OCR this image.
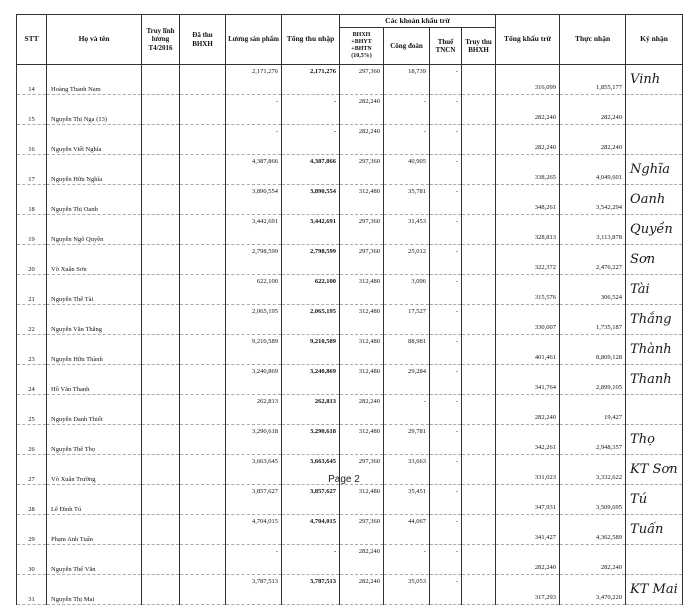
STT	Họ và tên	Truy lĩnh lương T4/2016	Đã thu BHXH	Lương sản phẩm	Tổng thu nhập	Các khoản khấu trừ				Tổng khấu trừ	Thực nhận	Ký nhận
						BHXH +BHYT +BHTN (10,5%)	Công đoàn	Thuế TNCN	Truy thu BHXH			
14	Hoàng Thanh Nam			2,171,276	2,171,276	297,360	18,739	-		316,099	1,855,177	Vinh
15	Nguyễn Thị Nga (13)			-	-	282,240	-	-		282,240	282,240	
16	Nguyễn Viết Nghĩa			-	-	282,240	-	-		282,240	282,240	
17	Nguyễn Hữu Nghĩa			4,387,866	4,387,866	297,360	40,905	-		338,265	4,049,601	Nghĩa
18	Nguyễn Thị Oanh			3,890,554	3,890,554	312,480	35,781	-		348,261	3,542,294	Oanh
19	Nguyễn Ngô Quyền			3,442,691	3,442,691	297,360	31,453	-		328,813	3,113,878	Quyền
20	Võ Xuân Sơn			2,798,599	2,798,599	297,360	25,012	-		322,372	2,476,227	Sơn
21	Nguyễn Thế Tài			622,100	622,100	312,480	3,096	-		315,576	306,524	Tài
22	Nguyễn Văn Thắng			2,065,195	2,065,195	312,480	17,527	-		330,007	1,735,187	Thắng
23	Nguyễn Hữu Thành			9,210,589	9,210,589	312,480	88,981	-		401,461	8,809,128	Thành
24	Hồ Văn Thanh			3,240,869	3,240,869	312,480	29,284	-		341,764	2,899,105	Thanh
25	Nguyễn Danh Thiết			262,813	262,813	282,240	-	-		282,240	19,427	
26	Nguyễn Thế Thọ			3,290,618	3,290,618	312,480	29,781	-		342,261	2,948,357	Thọ
27	Võ Xuân Trường			3,663,645	3,663,645	297,360	33,663	-		331,023	3,332,622	KT Sơn
28	Lê Đình Tú			3,857,627	3,857,627	312,480	35,451	-		347,931	3,509,695	Tú
29	Phạm Anh Tuấn			4,704,015	4,704,015	297,360	44,067	-		341,427	4,362,589	Tuấn
30	Nguyễn Thế Văn			-	-	282,240	-	-		282,240	282,240	
31	Nguyễn Thị Mai			3,787,513	3,787,513	282,240	35,053	-		317,293	3,470,220	KT Mai
Page 2
